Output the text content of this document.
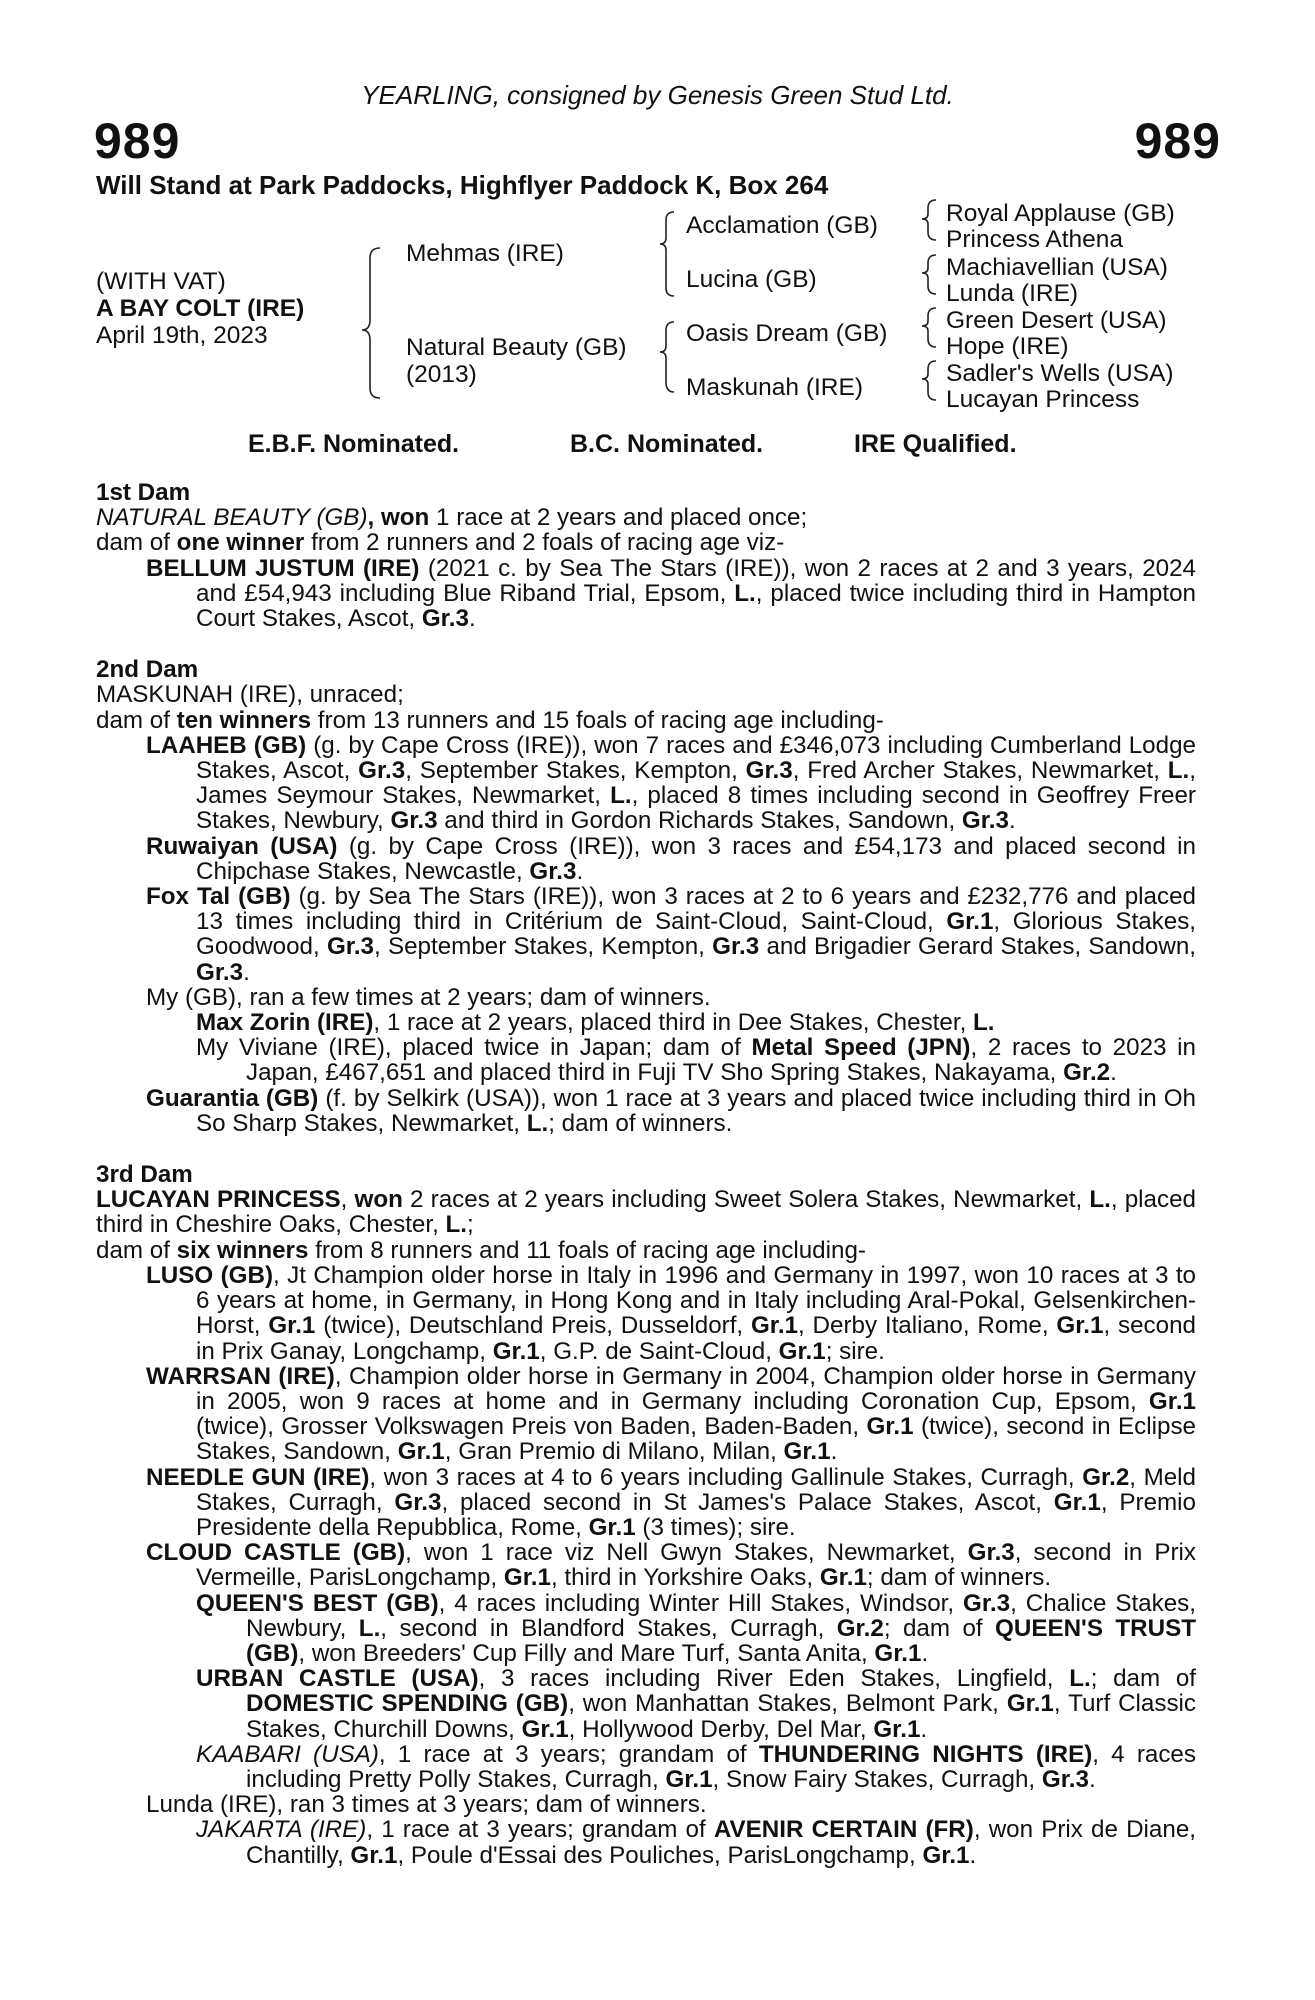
YEARLING, consigned by Genesis Green Stud Ltd.
989	989
Will Stand at Park Paddocks, Highflyer Paddock K, Box 264
(WITH VAT)
A BAY COLT (IRE)
April 19th, 2023
Mehmas (IRE)
Natural Beauty (GB)
(2013)
Acclamation (GB)
Lucina (GB)
Oasis Dream (GB)
Maskunah (IRE)
Royal Applause (GB)
Princess Athena
Machiavellian (USA)
Lunda (IRE)
Green Desert (USA)
Hope (IRE)
Sadler's Wells (USA)
Lucayan Princess
E.B.F. Nominated.	B.C. Nominated.	IRE Qualified.

1st Dam

NATURAL BEAUTY (GB), won 1 race at 2 years and placed once;

dam of one winner from 2 runners and 2 foals of racing age viz-

BELLUM JUSTUM (IRE) (2021 c. by Sea The Stars (IRE)), won 2 races at 2 and 3 years, 2024 and £54,943 including Blue Riband Trial, Epsom, L., placed twice including third in Hampton Court Stakes, Ascot, Gr.3.

2nd Dam

MASKUNAH (IRE), unraced;

dam of ten winners from 13 runners and 15 foals of racing age including-

LAAHEB (GB) (g. by Cape Cross (IRE)), won 7 races and £346,073 including Cumberland Lodge Stakes, Ascot, Gr.3, September Stakes, Kempton, Gr.3, Fred Archer Stakes, Newmarket, L., James Seymour Stakes, Newmarket, L., placed 8 times including second in Geoffrey Freer Stakes, Newbury, Gr.3 and third in Gordon Richards Stakes, Sandown, Gr.3.

Ruwaiyan (USA) (g. by Cape Cross (IRE)), won 3 races and £54,173 and placed second in Chipchase Stakes, Newcastle, Gr.3.

Fox Tal (GB) (g. by Sea The Stars (IRE)), won 3 races at 2 to 6 years and £232,776 and placed 13 times including third in Critérium de Saint-Cloud, Saint-Cloud, Gr.1, Glorious Stakes, Goodwood, Gr.3, September Stakes, Kempton, Gr.3 and Brigadier Gerard Stakes, Sandown, Gr.3.

My (GB), ran a few times at 2 years; dam of winners.

Max Zorin (IRE), 1 race at 2 years, placed third in Dee Stakes, Chester, L.

My Viviane (IRE), placed twice in Japan; dam of Metal Speed (JPN), 2 races to 2023 in Japan, £467,651 and placed third in Fuji TV Sho Spring Stakes, Nakayama, Gr.2.

Guarantia (GB) (f. by Selkirk (USA)), won 1 race at 3 years and placed twice including third in Oh So Sharp Stakes, Newmarket, L.; dam of winners.

3rd Dam

LUCAYAN PRINCESS, won 2 races at 2 years including Sweet Solera Stakes, Newmarket, L., placed third in Cheshire Oaks, Chester, L.;

dam of six winners from 8 runners and 11 foals of racing age including-

LUSO (GB), Jt Champion older horse in Italy in 1996 and Germany in 1997, won 10 races at 3 to 6 years at home, in Germany, in Hong Kong and in Italy including Aral-Pokal, Gelsenkirchen-Horst, Gr.1 (twice), Deutschland Preis, Dusseldorf, Gr.1, Derby Italiano, Rome, Gr.1, second in Prix Ganay, Longchamp, Gr.1, G.P. de Saint-Cloud, Gr.1; sire.

WARRSAN (IRE), Champion older horse in Germany in 2004, Champion older horse in Germany in 2005, won 9 races at home and in Germany including Coronation Cup, Epsom, Gr.1 (twice), Grosser Volkswagen Preis von Baden, Baden-Baden, Gr.1 (twice), second in Eclipse Stakes, Sandown, Gr.1, Gran Premio di Milano, Milan, Gr.1.

NEEDLE GUN (IRE), won 3 races at 4 to 6 years including Gallinule Stakes, Curragh, Gr.2, Meld Stakes, Curragh, Gr.3, placed second in St James's Palace Stakes, Ascot, Gr.1, Premio Presidente della Repubblica, Rome, Gr.1 (3 times); sire.

CLOUD CASTLE (GB), won 1 race viz Nell Gwyn Stakes, Newmarket, Gr.3, second in Prix Vermeille, ParisLongchamp, Gr.1, third in Yorkshire Oaks, Gr.1; dam of winners.

QUEEN'S BEST (GB), 4 races including Winter Hill Stakes, Windsor, Gr.3, Chalice Stakes, Newbury, L., second in Blandford Stakes, Curragh, Gr.2; dam of QUEEN'S TRUST (GB), won Breeders' Cup Filly and Mare Turf, Santa Anita, Gr.1.

URBAN CASTLE (USA), 3 races including River Eden Stakes, Lingfield, L.; dam of DOMESTIC SPENDING (GB), won Manhattan Stakes, Belmont Park, Gr.1, Turf Classic Stakes, Churchill Downs, Gr.1, Hollywood Derby, Del Mar, Gr.1.

KAABARI (USA), 1 race at 3 years; grandam of THUNDERING NIGHTS (IRE), 4 races including Pretty Polly Stakes, Curragh, Gr.1, Snow Fairy Stakes, Curragh, Gr.3.

Lunda (IRE), ran 3 times at 3 years; dam of winners.

JAKARTA (IRE), 1 race at 3 years; grandam of AVENIR CERTAIN (FR), won Prix de Diane, Chantilly, Gr.1, Poule d'Essai des Pouliches, ParisLongchamp, Gr.1.
